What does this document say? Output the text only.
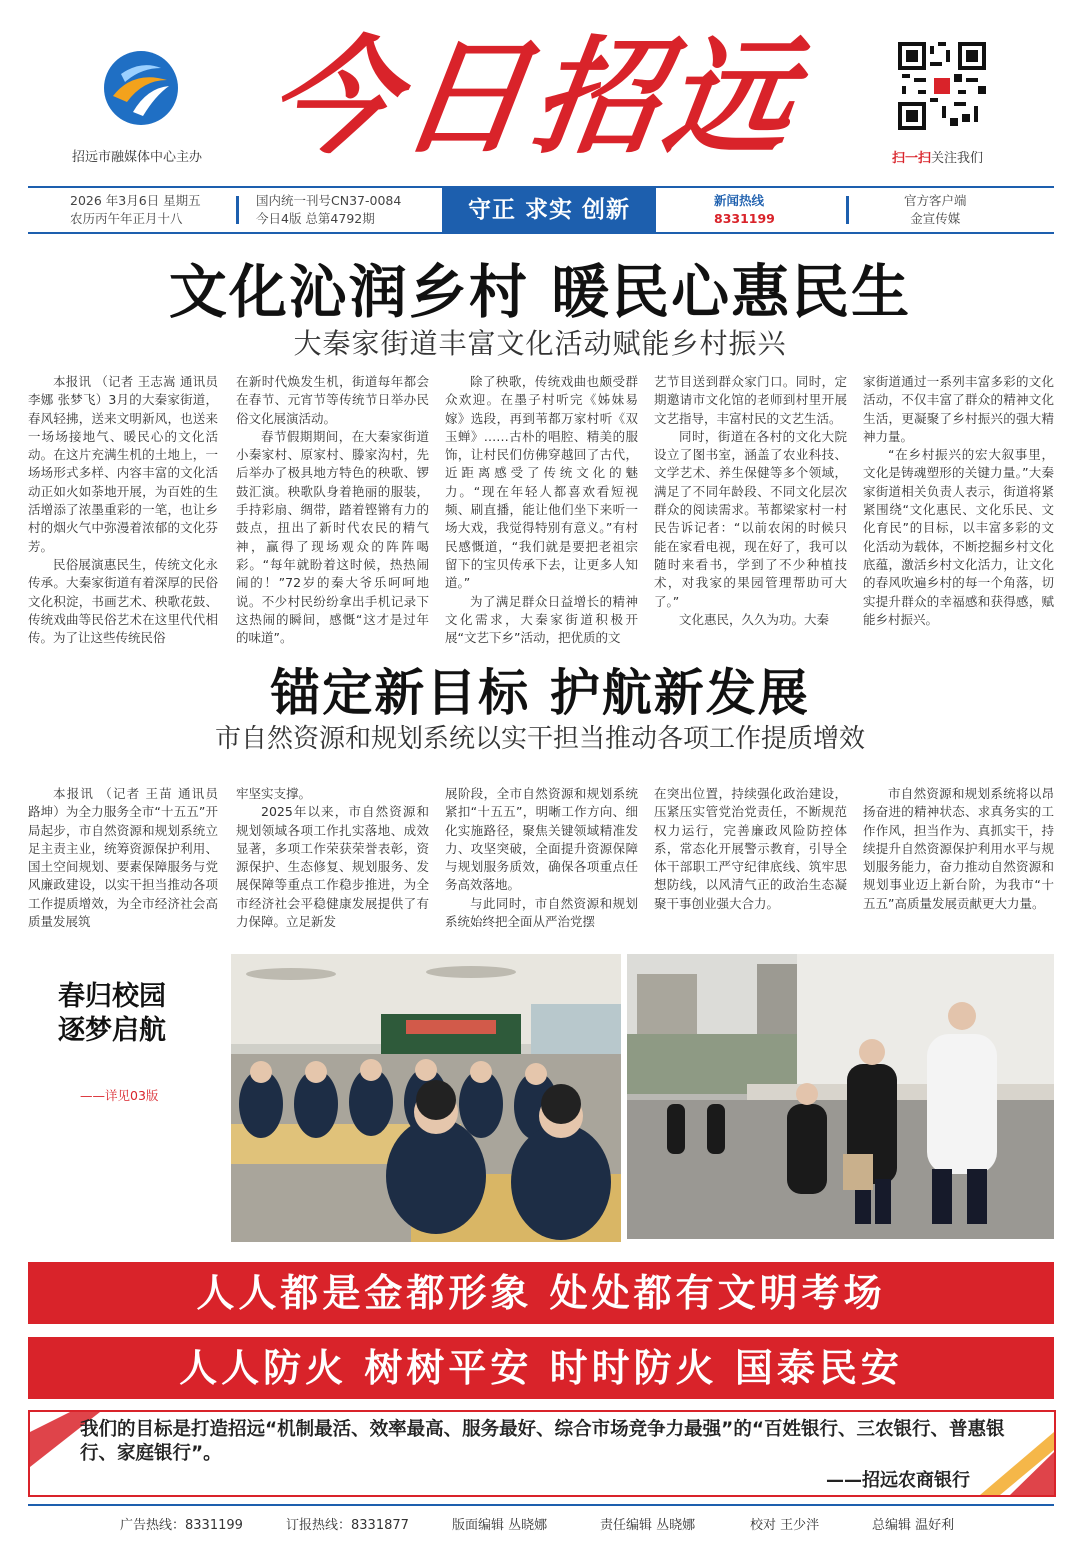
招远市融媒体中心主办 今日招远	扫一扫关注我们
2026 年3月6日 星期五
农历丙午年正月十八
国内统一刊号CN37-0084
今日4版 总第4792期	守正 求实 创新	新闻热线
8331199
官方客户端
金宣传媒
文化沁润乡村 暖民心惠民生
大秦家街道丰富文化活动赋能乡村振兴

本报讯 （记者 王志嵩 通讯员 李娜 张梦飞）3月的大秦家街道，春风轻拂，送来文明新风，也送来一场场接地气、暖民心的文化活动。在这片充满生机的土地上，一场场形式多样、内容丰富的文化活动正如火如荼地开展，为百姓的生活增添了浓墨重彩的一笔，也让乡村的烟火气中弥漫着浓郁的文化芬芳。

民俗展演惠民生，传统文化永传承。大秦家街道有着深厚的民俗文化积淀，书画艺术、秧歌花鼓、传统戏曲等民俗艺术在这里代代相传。为了让这些传统民俗

在新时代焕发生机，街道每年都会在春节、元宵节等传统节日举办民俗文化展演活动。

春节假期期间，在大秦家街道小秦家村、原家村、滕家沟村，先后举办了极具地方特色的秧歌、锣鼓汇演。秧歌队身着艳丽的服装，手持彩扇、绸带，踏着铿锵有力的鼓点，扭出了新时代农民的精气神，赢得了现场观众的阵阵喝彩。“每年就盼着这时候，热热闹闹的！”72岁的秦大爷乐呵呵地说。不少村民纷纷拿出手机记录下这热闹的瞬间，感慨“这才是过年的味道”。

除了秧歌，传统戏曲也颇受群众欢迎。在墨子村听完《姊妹易嫁》选段，再到苇都万家村听《双玉蝉》……古朴的唱腔、精美的服饰，让村民们仿佛穿越回了古代，近距离感受了传统文化的魅力。“现在年轻人都喜欢看短视频、刷直播，能让他们坐下来听一场大戏，我觉得特别有意义。”有村民感慨道，“我们就是要把老祖宗留下的宝贝传承下去，让更多人知道。”

为了满足群众日益增长的精神文化需求，大秦家街道积极开展“文艺下乡”活动，把优质的文

艺节目送到群众家门口。同时，定期邀请市文化馆的老师到村里开展文艺指导，丰富村民的文艺生活。

同时，街道在各村的文化大院设立了图书室，涵盖了农业科技、文学艺术、养生保健等多个领域，满足了不同年龄段、不同文化层次群众的阅读需求。苇都梁家村一村民告诉记者：“以前农闲的时候只能在家看电视，现在好了，我可以随时来看书，学到了不少种植技术，对我家的果园管理帮助可大了。”

文化惠民，久久为功。大秦

家街道通过一系列丰富多彩的文化活动，不仅丰富了群众的精神文化生活，更凝聚了乡村振兴的强大精神力量。

“在乡村振兴的宏大叙事里，文化是铸魂塑形的关键力量。”大秦家街道相关负责人表示，街道将紧紧围绕“文化惠民、文化乐民、文化育民”的目标，以丰富多彩的文化活动为载体，不断挖掘乡村文化底蕴，激活乡村文化活力，让文化的春风吹遍乡村的每一个角落，切实提升群众的幸福感和获得感，赋能乡村振兴。

锚定新目标 护航新发展
市自然资源和规划系统以实干担当推动各项工作提质增效

本报讯 （记者 王苗 通讯员 路坤）为全力服务全市“十五五”开局起步，市自然资源和规划系统立足主责主业，统筹资源保护利用、国土空间规划、要素保障服务与党风廉政建设，以实干担当推动各项工作提质增效，为全市经济社会高质量发展筑

牢坚实支撑。

2025年以来，市自然资源和规划领域各项工作扎实落地、成效显著，多项工作荣获荣誉表彰，资源保护、生态修复、规划服务、发展保障等重点工作稳步推进，为全市经济社会平稳健康发展提供了有力保障。立足新发

展阶段，全市自然资源和规划系统紧扣“十五五”，明晰工作方向、细化实施路径，聚焦关键领域精准发力、攻坚突破，全面提升资源保障与规划服务质效，确保各项重点任务高效落地。

与此同时，市自然资源和规划系统始终把全面从严治党摆

在突出位置，持续强化政治建设，压紧压实管党治党责任，不断规范权力运行，完善廉政风险防控体系，常态化开展警示教育，引导全体干部职工严守纪律底线、筑牢思想防线，以风清气正的政治生态凝聚干事创业强大合力。

市自然资源和规划系统将以昂扬奋进的精神状态、求真务实的工作作风，担当作为、真抓实干，持续提升自然资源保护利用水平与规划服务能力，奋力推动自然资源和规划事业迈上新台阶，为我市“十五五”高质量发展贡献更大力量。

春归校园
逐梦启航
——详见03版
人人都是金都形象 处处都有文明考场
人人防火 树树平安 时时防火 国泰民安
我们的目标是打造招远“机制最活、效率最高、服务最好、综合市场竞争力最强”的“百姓银行、三农银行、普惠银行、家庭银行”。
——招远农商银行
广告热线：8331199	订报热线：8331877	版面编辑 丛晓娜	责任编辑 丛晓娜	校对 王少泮	总编辑 温好利
